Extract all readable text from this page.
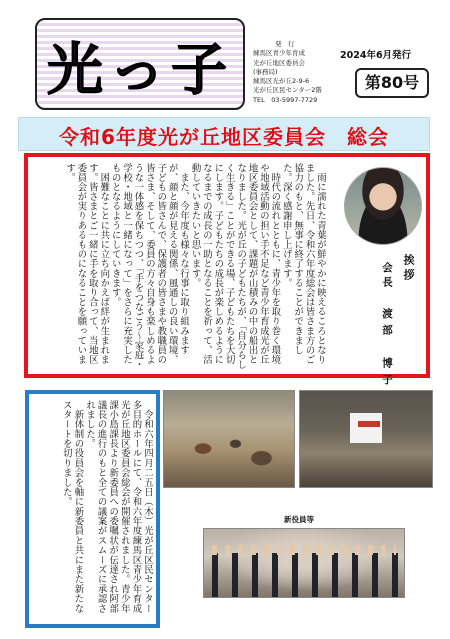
光っ子	発　行
練馬区青少年育成
光が丘地区委員会
(事務局)
練馬区光が丘2-9-6
光が丘区民センター2階
TEL　03-5997-7729
2024年6月発行
第80号
令和6年度光が丘地区委員会　総会
　雨に濡れた青葉が鮮やかに映えるころとなりました。先日、令和六年度総会は皆さま方のご協力のもと、無事に終了することができました。深く感謝申し上げます。
　時代の流れとともに、青少年を取り巻く環境や地域活動の担い手不足など青少年育成光が丘地区委員会として、課題が山積みの中の船出となりました。光が丘の子どもたちが、「自分らしく生きる」ことができる場、子どもたちを大切にします。子どもたちの成長が楽しめるようになるまでの成長の一助となることを祈って、活動していきたいと思います。
　また、今年度も様々な行事に取り組みますが、顔と顔が見える関係、風通しの良い環境、子どもの皆さんで、保護者の皆さまや教職員の皆さま、そして、委員の方々自身も楽しめるような一体感を保ちつつ、「手をつなごう～家庭・学校・地域と一緒になって」をさらに充実したものとなるようにしていきます。
　困難なことに共に立ち向かえば絆が生まれます。皆さまとご一緒に手を取り合って、当地区委員会が実りあるものになることを願っています。
挨拶
会長
渡部　博子
　令和六年四月二五日（木）光が丘区民センター多目的ホールにて、令和六年度練馬区青少年育成光が丘地区委員会総会が開催されました。青少年課小島課長より新委員への委嘱状が伝達され阿部議長の進行のもと全ての議案がスムーズに承認されました。
　新体制の役員会を軸に新委員と共にまた新たなスタートを切りました。
新役員等
